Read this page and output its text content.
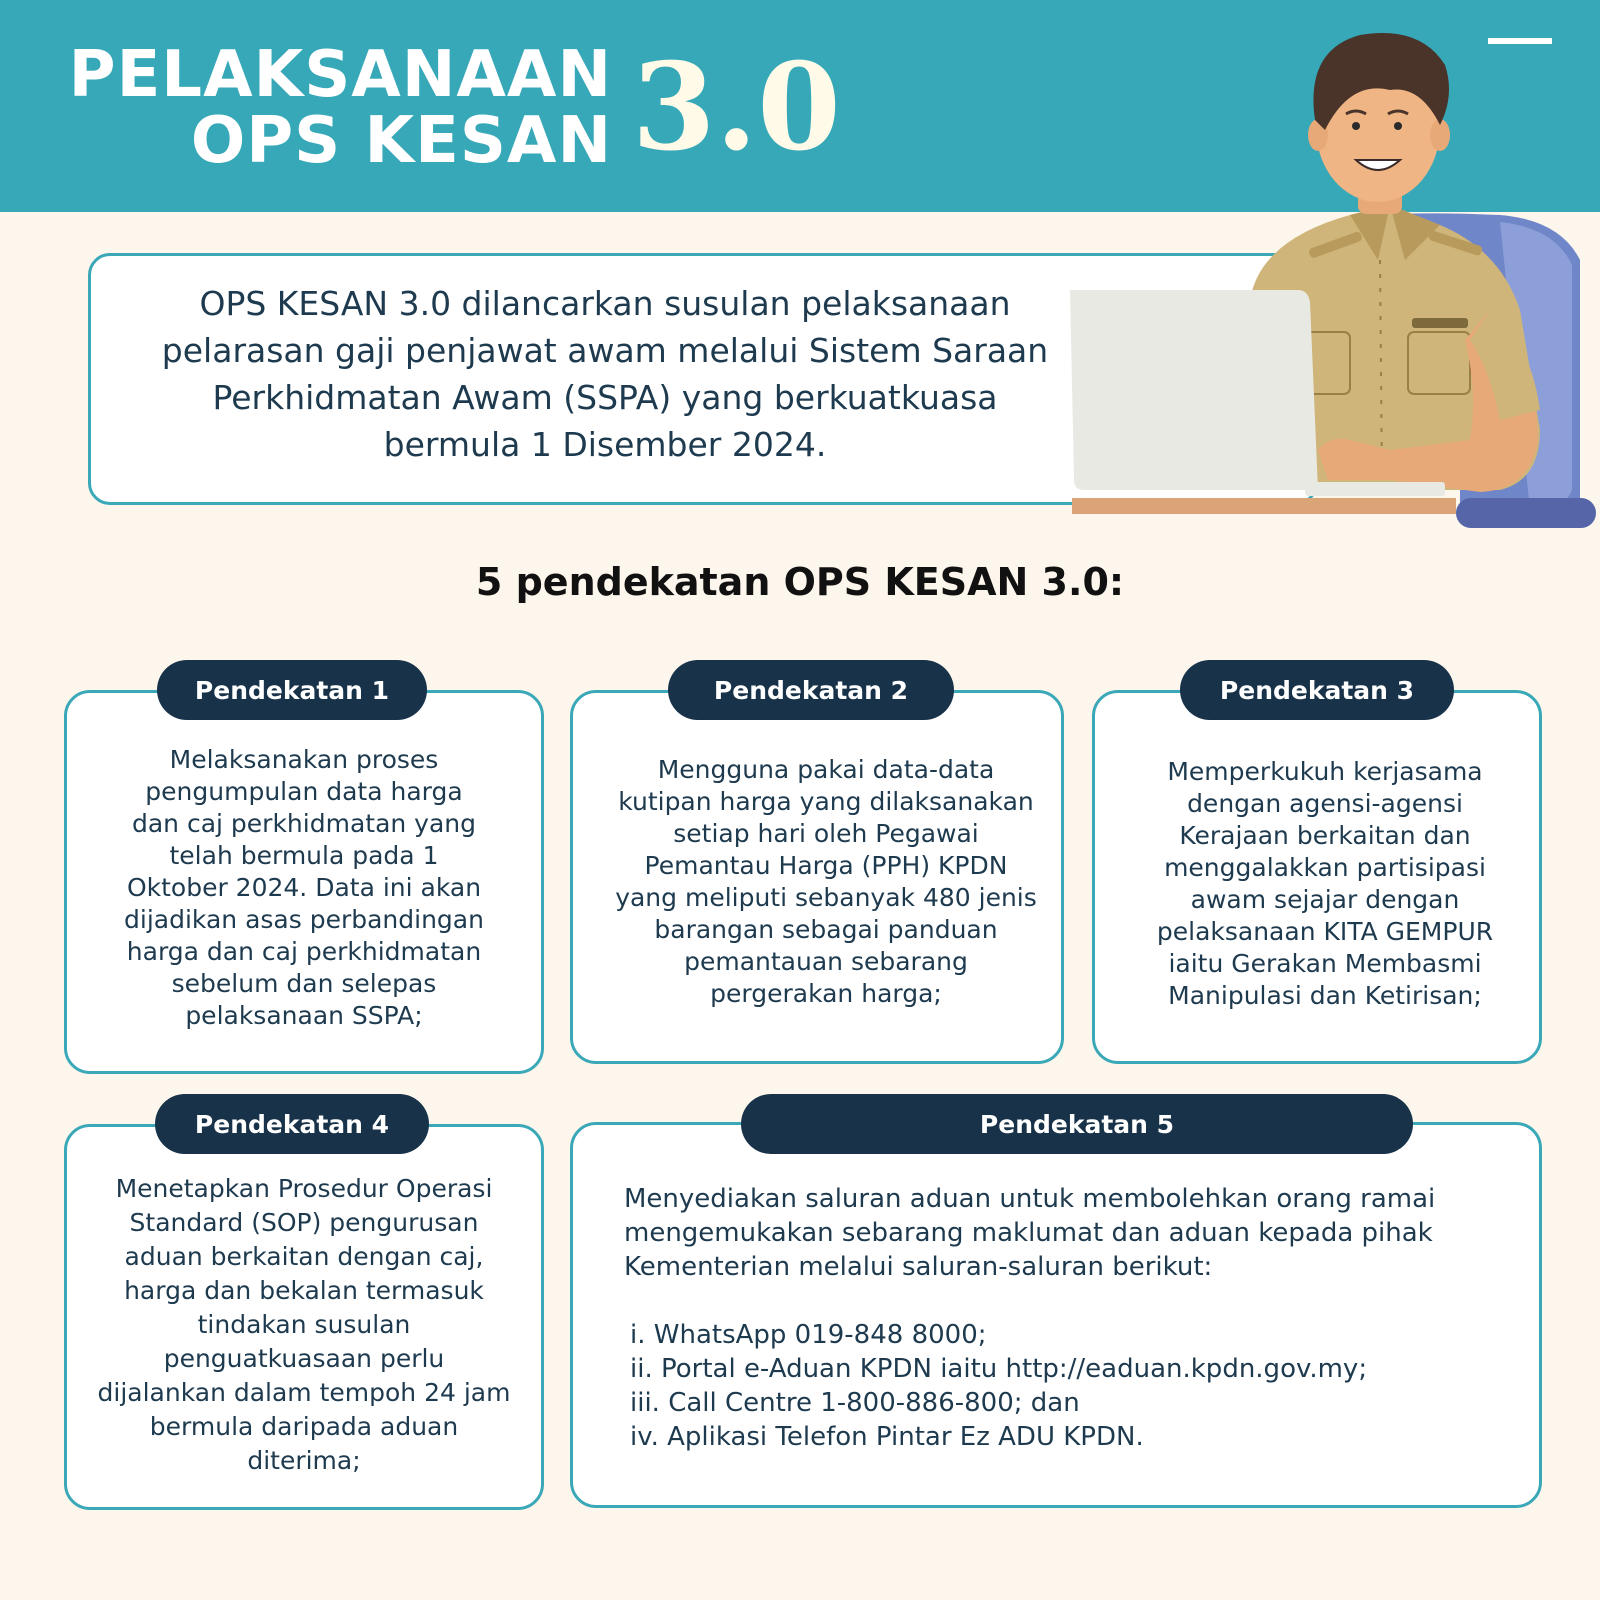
PELAKSANAAN
OPS KESAN 3.0
OPS KESAN 3.0 dilancarkan susulan pelaksanaan pelarasan gaji penjawat awam melalui Sistem Saraan Perkhidmatan Awam (SSPA) yang berkuatkuasa bermula 1 Disember 2024.
5 pendekatan OPS KESAN 3.0:
Pendekatan 1
Melaksanakan proses pengumpulan data harga dan caj perkhidmatan yang telah bermula pada 1 Oktober 2024. Data ini akan dijadikan asas perbandingan harga dan caj perkhidmatan sebelum dan selepas pelaksanaan SSPA;
Pendekatan 2
Mengguna pakai data-data kutipan harga yang dilaksanakan setiap hari oleh Pegawai Pemantau Harga (PPH) KPDN yang meliputi sebanyak 480 jenis barangan sebagai panduan pemantauan sebarang pergerakan harga;
Pendekatan 3
Memperkukuh kerjasama dengan agensi-agensi Kerajaan berkaitan dan menggalakkan partisipasi awam sejajar dengan pelaksanaan KITA GEMPUR iaitu Gerakan Membasmi Manipulasi dan Ketirisan;
Pendekatan 4
Menetapkan Prosedur Operasi Standard (SOP) pengurusan aduan berkaitan dengan caj, harga dan bekalan termasuk tindakan susulan penguatkuasaan perlu dijalankan dalam tempoh 24 jam bermula daripada aduan diterima;
Pendekatan 5
Menyediakan saluran aduan untuk membolehkan orang ramai mengemukakan sebarang maklumat dan aduan kepada pihak Kementerian melalui saluran-saluran berikut:
i. WhatsApp 019-848 8000;
ii. Portal e-Aduan KPDN iaitu http://eaduan.kpdn.gov.my;
iii. Call Centre 1-800-886-800; dan
iv. Aplikasi Telefon Pintar Ez ADU KPDN.
